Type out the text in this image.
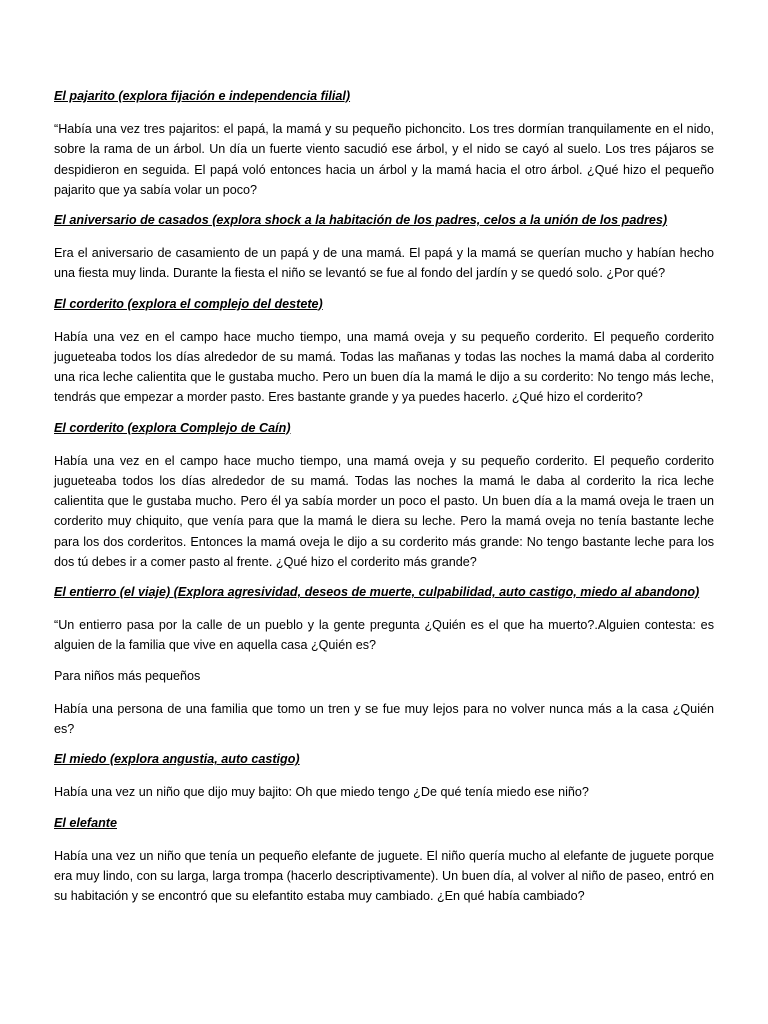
El pajarito (explora fijación e independencia filial)

“Había una vez tres pajaritos: el papá, la mamá y su pequeño pichoncito. Los tres dormían tranquilamente en el nido, sobre la rama de un árbol. Un día un fuerte viento sacudió ese árbol, y el nido se cayó al suelo. Los tres pájaros se despidieron en seguida. El papá voló entonces hacia un árbol y la mamá hacia el otro árbol. ¿Qué hizo el pequeño pajarito que ya sabía volar un poco?

El aniversario de casados (explora shock a la habitación de los padres, celos a la unión de los padres)

Era el aniversario de casamiento de un papá y de una mamá. El papá y la mamá se querían mucho y habían hecho una fiesta muy linda. Durante la fiesta el niño se levantó se fue al fondo del jardín y se quedó solo. ¿Por qué?

El corderito (explora el complejo del destete)

Había una vez en el campo hace mucho tiempo, una mamá oveja y su pequeño corderito. El pequeño corderito jugueteaba todos los días alrededor de su mamá. Todas las mañanas y todas las noches la mamá daba al corderito una rica leche calientita que le gustaba mucho. Pero un buen día la mamá le dijo a su corderito: No tengo más leche, tendrás que empezar a morder pasto. Eres bastante grande y ya puedes hacerlo. ¿Qué hizo el corderito?

El corderito (explora Complejo de Caín)

Había una vez en el campo hace mucho tiempo, una mamá oveja y su pequeño corderito. El pequeño corderito jugueteaba todos los días alrededor de su mamá. Todas las noches la mamá le daba al corderito la rica leche calientita que le gustaba mucho. Pero él ya sabía morder un poco el pasto. Un buen día a la mamá oveja le traen un corderito muy chiquito, que venía para que la mamá le diera su leche. Pero la mamá oveja no tenía bastante leche para los dos corderitos. Entonces la mamá oveja le dijo a su corderito más grande: No tengo bastante leche para los dos tú debes ir a comer pasto al frente. ¿Qué hizo el corderito más grande?

El entierro (el viaje) (Explora agresividad, deseos de muerte, culpabilidad, auto castigo, miedo al abandono)

“Un entierro pasa por la calle de un pueblo y la gente pregunta ¿Quién es el que ha muerto?.Alguien contesta: es alguien de la familia que vive en aquella casa ¿Quién es?

Para niños más pequeños

Había una persona de una familia que tomo un tren y se fue muy lejos para no volver nunca más a la casa ¿Quién es?

El miedo (explora angustia, auto castigo)

Había una vez un niño que dijo muy bajito: Oh que miedo tengo ¿De qué tenía miedo ese niño?

El elefante

Había una vez un niño que tenía un pequeño elefante de juguete. El niño quería mucho al elefante de juguete porque era muy lindo, con su larga, larga trompa (hacerlo descriptivamente). Un buen día, al volver al niño de paseo, entró en su habitación y se encontró que su elefantito estaba muy cambiado. ¿En qué había cambiado?
